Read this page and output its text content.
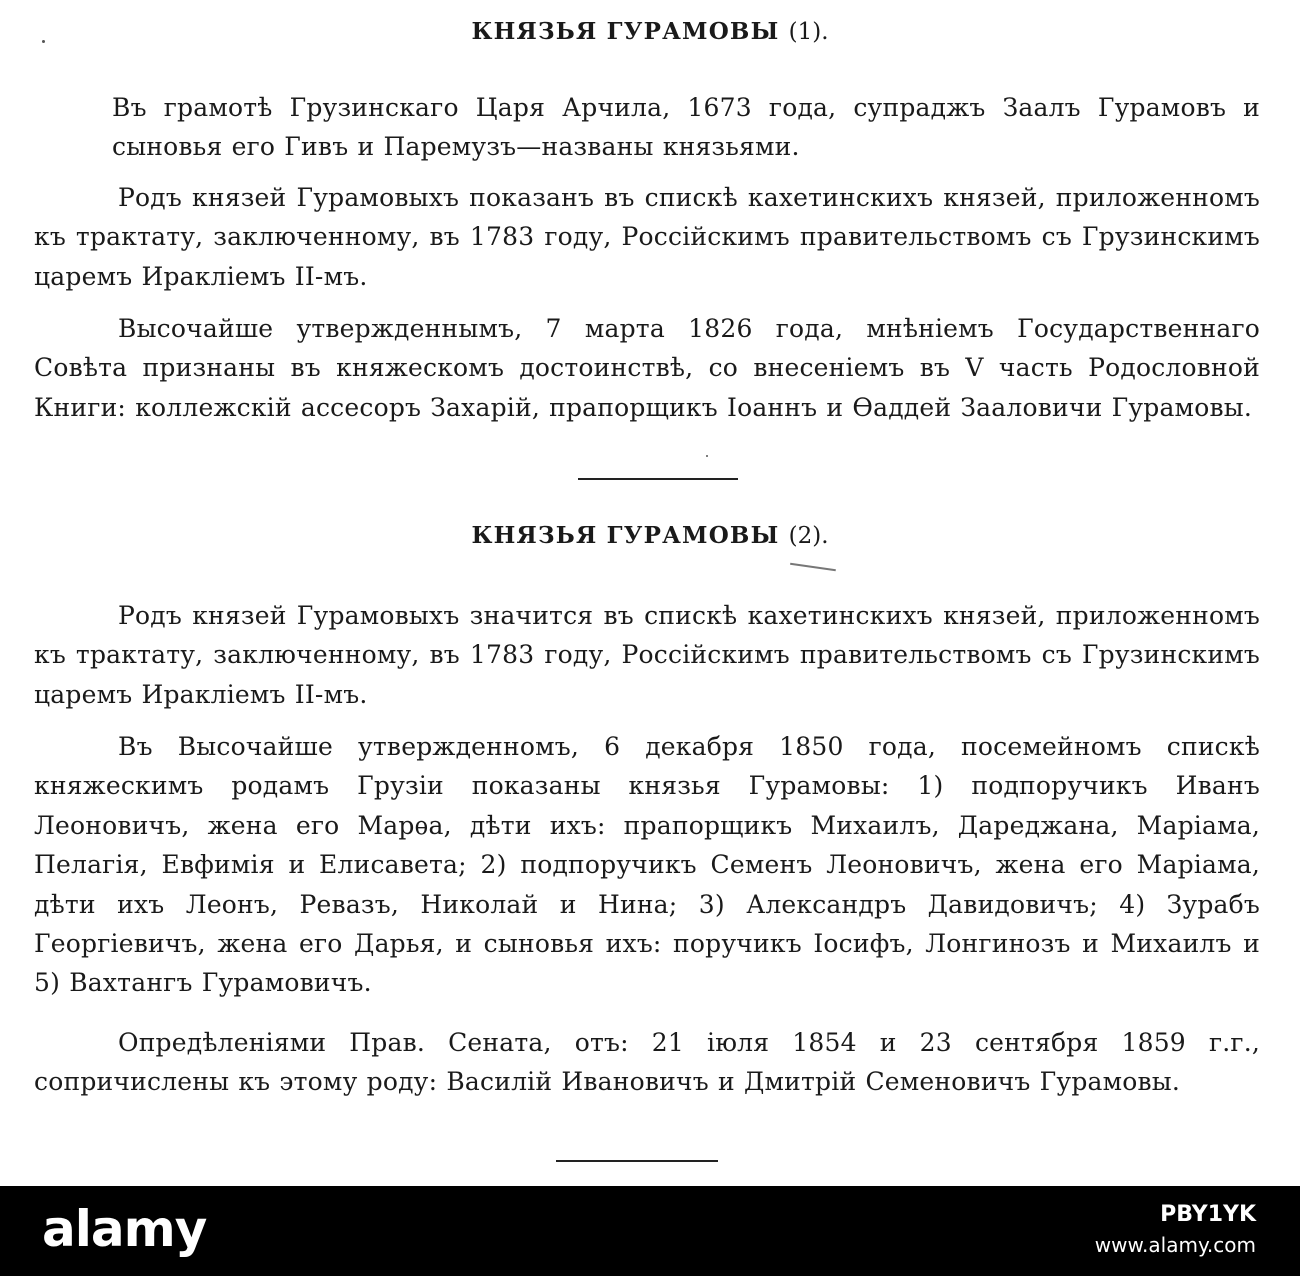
КНЯЗЬЯ ГУРАМОВЫ (1).
Въ грамотѣ Грузинскаго Царя Арчила, 1673 года, супраджъ Заалъ Гурамовъ и сыновья его Гивъ и Паремузъ—названы князьями.
Родъ князей Гурамовыхъ показанъ въ спискѣ кахетинскихъ князей, приложенномъ къ трактату, заключенному, въ 1783 году, Россійскимъ правительствомъ съ Грузинскимъ царемъ Иракліемъ II-мъ.
Высочайше утвержденнымъ, 7 марта 1826 года, мнѣніемъ Государственнаго Совѣта признаны въ княжескомъ достоинствѣ, со внесеніемъ въ V часть Родословной Книги: коллежскій ассесоръ Захарій, прапорщикъ Іоаннъ и Ѳаддей Зааловичи Гурамовы.
КНЯЗЬЯ ГУРАМОВЫ (2).
Родъ князей Гурамовыхъ значится въ спискѣ кахетинскихъ князей, приложенномъ къ трактату, заключенному, въ 1783 году, Россійскимъ правительствомъ съ Грузинскимъ царемъ Иракліемъ II-мъ.
Въ Высочайше утвержденномъ, 6 декабря 1850 года, посемейномъ спискѣ княжескимъ родамъ Грузіи показаны князья Гурамовы: 1) подпоручикъ Иванъ Леоновичъ, жена его Марѳа, дѣти ихъ: прапорщикъ Михаилъ, Дареджана, Маріама, Пелагія, Евфимія и Елисавета; 2) подпоручикъ Семенъ Леоновичъ, жена его Маріама, дѣти ихъ Леонъ, Ревазъ, Николай и Нина; 3) Александръ Давидовичъ; 4) Зурабъ Георгіевичъ, жена его Дарья, и сыновья ихъ: поручикъ Іосифъ, Лонгинозъ и Михаилъ и 5) Вахтангъ Гурамовичъ.
Опредѣленіями Прав. Сената, отъ: 21 іюля 1854 и 23 сентября 1859 г.г., сопричислены къ этому роду: Василій Ивановичъ и Дмитрій Семеновичъ Гурамовы.
alamy	PBY1YK
www.alamy.com
